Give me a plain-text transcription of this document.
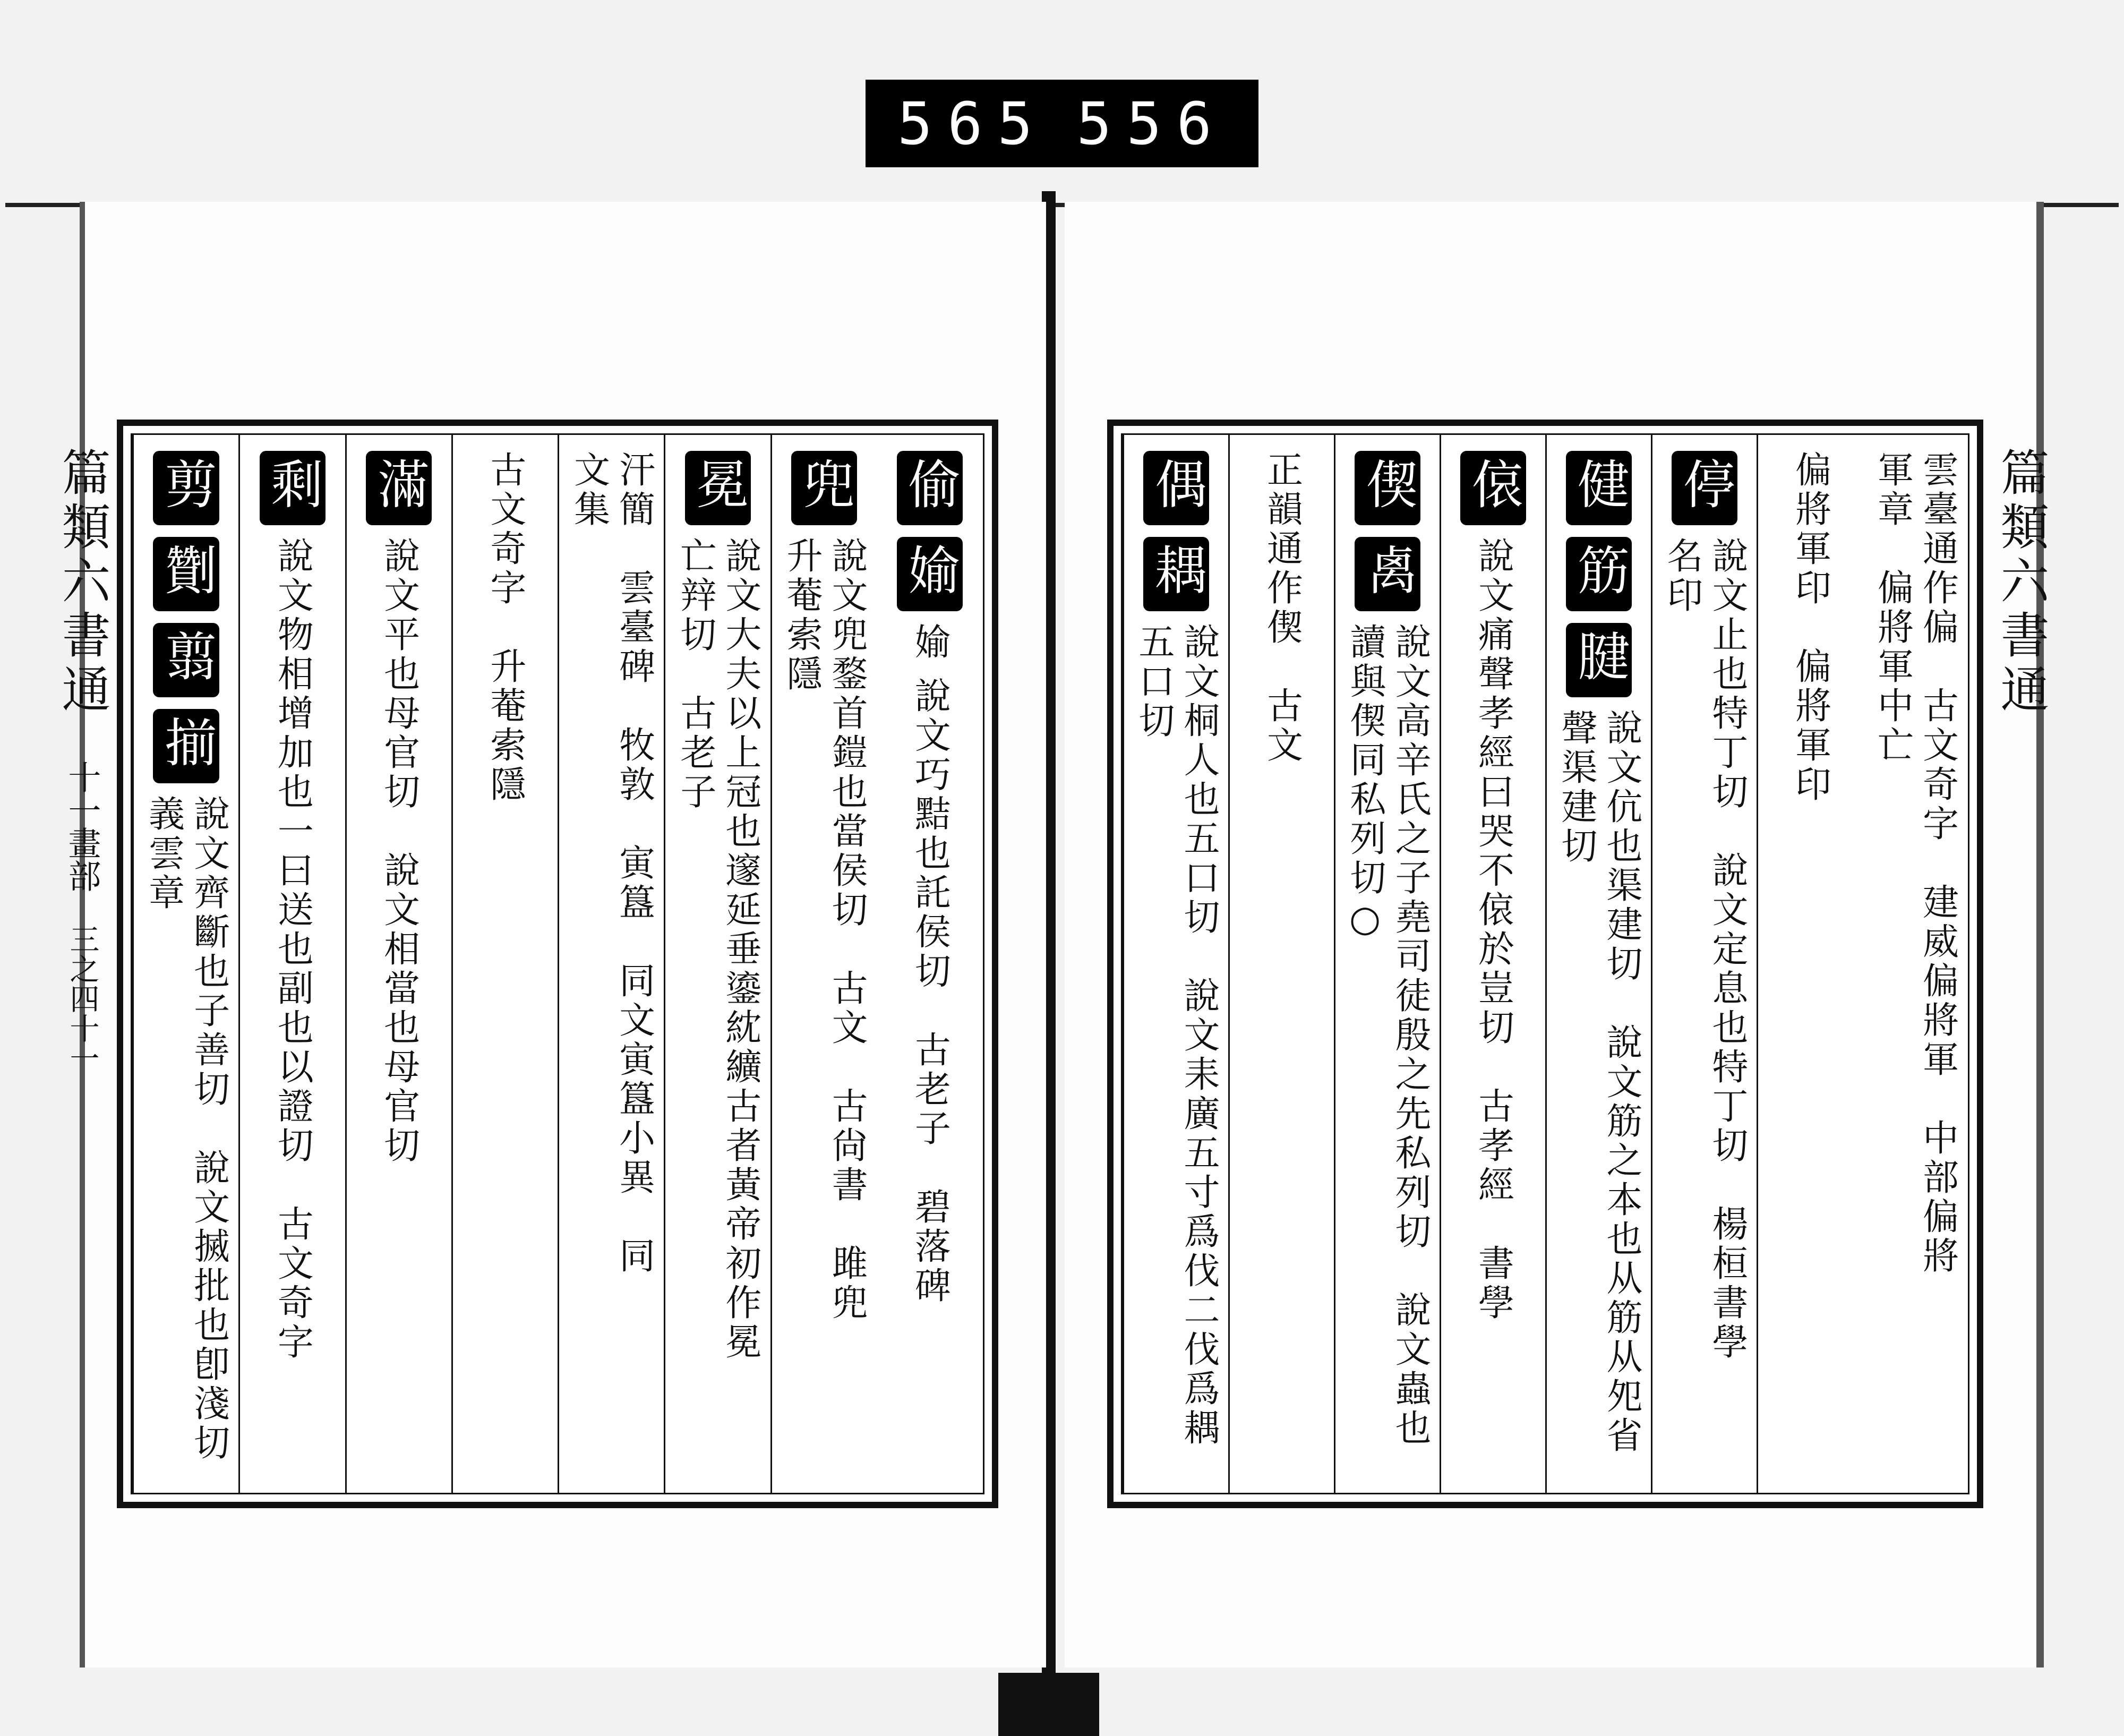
565 556
篇類六書通
十一畫部
三之四十一
偷
媮
媮 說文巧黠也託侯切　古老子　碧落碑
兜
說文兜鍪首鎧也當侯切　古文　古尙書　雎兜　升菴索隱
冕
說文大夫以上冠也邃延垂鎏紞纊古者黃帝初作冕亡辡切　古老子
汗簡　雲臺碑　牧敦　寅簋　同文寅簋小異　同文集
古文奇字　升菴索隱
滿
說文平也母官切　說文相當也母官切
剩
說文物相增加也一曰送也副也以證切　古文奇字
剪
劗
翦
揃
說文齊斷也子善切　說文搣批也卽淺切　義雲章
篇類六書通
雲臺通作偏　古文奇字　建威偏將軍　中部偏將軍章　偏將軍中亡
偏將軍印　偏將軍印
停
說文止也特丁切　說文定息也特丁切　楊桓書學　名印
健
筋
腱
說文伉也渠建切　說文筋之本也从筋从夗省聲渠建切
偯
說文痛聲孝經曰哭不偯於豈切　古孝經　書學
偰
禼
說文高辛氏之子堯司徒殷之先私列切　說文蟲也讀與偰同私列切○
正韻通作偰　古文
偶
耦
說文桐人也五口切　說文耒廣五寸爲伐二伐爲耦五口切
